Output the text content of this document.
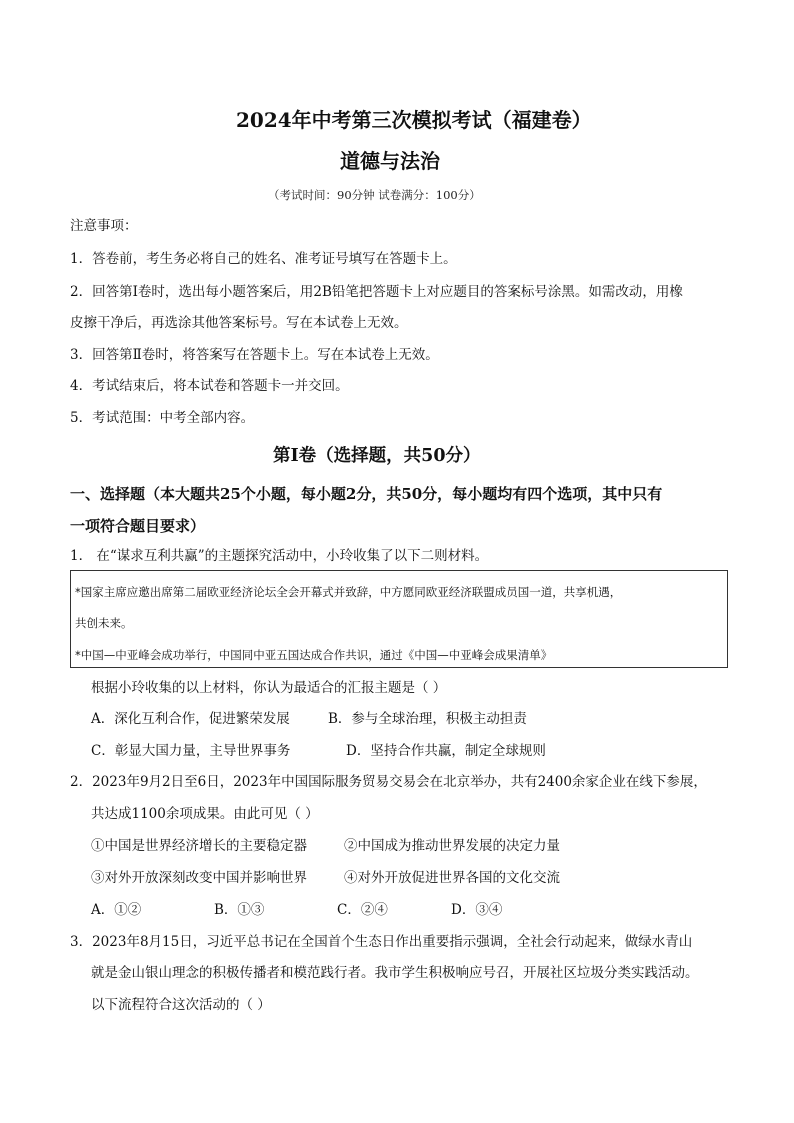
2024年中考第三次模拟考试（福建卷）
道德与法治
（考试时间：90分钟 试卷满分：100分）
注意事项：
1．答卷前，考生务必将自己的姓名、准考证号填写在答题卡上。
2．回答第Ⅰ卷时，选出每小题答案后，用2B铅笔把答题卡上对应题目的答案标号涂黑。如需改动，用橡
皮擦干净后，再选涂其他答案标号。写在本试卷上无效。
3．回答第Ⅱ卷时，将答案写在答题卡上。写在本试卷上无效。
4．考试结束后，将本试卷和答题卡一并交回。
5．考试范围：中考全部内容。
第Ⅰ卷（选择题，共50分）
一、选择题（本大题共25个小题，每小题2分，共50分，每小题均有四个选项，其中只有
一项符合题目要求）
1． 在“谋求互利共赢”的主题探究活动中，小玲收集了以下二则材料。
*国家主席应邀出席第二届欧亚经济论坛全会开幕式并致辞，中方愿同欧亚经济联盟成员国一道，共享机遇，
共创未来。
*中国—中亚峰会成功举行，中国同中亚五国达成合作共识，通过《中国—中亚峰会成果清单》
根据小玲收集的以上材料，你认为最适合的汇报主题是（ ）
A．深化互利合作，促进繁荣发展	B．参与全球治理，积极主动担责
C．彰显大国力量，主导世界事务	D．坚持合作共赢，制定全球规则
2．2023年9月2日至6日，2023年中国国际服务贸易交易会在北京举办，共有2400余家企业在线下参展，
共达成1100余项成果。由此可见（ ）
①中国是世界经济增长的主要稳定器	②中国成为推动世界发展的决定力量
③对外开放深刻改变中国并影响世界	④对外开放促进世界各国的文化交流
A．①②	B．①③	C．②④	D．③④
3．2023年8月15日，习近平总书记在全国首个生态日作出重要指示强调，全社会行动起来，做绿水青山
就是金山银山理念的积极传播者和模范践行者。我市学生积极响应号召，开展社区垃圾分类实践活动。
以下流程符合这次活动的（ ）
